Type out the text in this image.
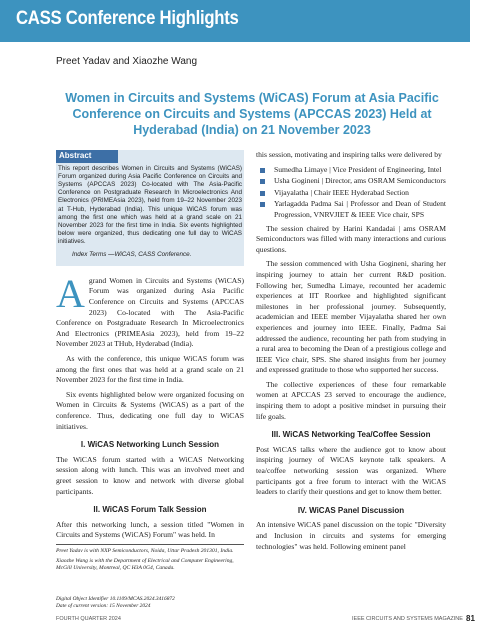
CASS Conference Highlights
Preet Yadav and Xiaozhe Wang
Women in Circuits and Systems (WiCAS) Forum at Asia Pacific Conference on Circuits and Systems (APCCAS 2023) Held at Hyderabad (India) on 21 November 2023
Abstract

This report describes Women in Circuits and Systems (WiCAS) Forum organized during Asia Pacific Conference on Circuits and Systems (APCCAS 2023) Co-located with The Asia-Pacific Conference on Postgraduate Research In Microelectronics And Electronics (PRIMEAsia 2023), held from 19–22 November 2023 at T-Hub, Hyderabad (India). This unique WiCAS forum was among the first one which was held at a grand scale on 21 November 2023 for the first time in India. Six events highlighted below were organized, thus dedicating one full day to WiCAS initiatives.

Index Terms —WiCAS, CASS Conference.

Agrand Women in Circuits and Systems (WiCAS) Forum was organized during Asia Pacific Conference on Circuits and Systems (APCCAS 2023) Co-located with The Asia-Pacific Conference on Postgraduate Research In Microelectronics And Electronics (PRIMEAsia 2023), held from 19–22 November 2023 at THub, Hyderabad (India).

As with the conference, this unique WiCAS forum was among the first ones that was held at a grand scale on 21 November 2023 for the first time in India.

Six events highlighted below were organized focusing on Women in Circuits & Systems (WiCAS) as a part of the conference. Thus, dedicating one full day to WiCAS initiatives.

I. WiCAS Networking Lunch Session

The WiCAS forum started with a WiCAS Networking session along with lunch. This was an involved meet and greet session to know and network with diverse global participants.

II. WiCAS Forum Talk Session

After this networking lunch, a session titled "Women in Circuits and Systems (WiCAS) Forum" was held. In

Preet Yadav is with NXP Semiconductors, Noida, Uttar Pradesh 201301, India.

Xiaozhe Wang is with the Department of Electrical and Computer Engineering, McGill University, Montreal, QC H3A 0G4, Canada.

Digital Object Identifier 10.1109/MCAS.2024.3416872
Date of current version: 15 November 2024

this session, motivating and inspiring talks were delivered by

Sumedha Limaye | Vice President of Engineering, Intel
Usha Gogineni | Director, ams OSRAM Semiconductors
Vijayalatha | Chair IEEE Hyderabad Section
Yarlagadda Padma Sai | Professor and Dean of Student Progression, VNRVJIET & IEEE Vice chair, SPS

The session chaired by Harini Kandadai | ams OSRAM Semiconductors was filled with many interactions and curious questions.

The session commenced with Usha Gogineni, sharing her inspiring journey to attain her current R&D position. Following her, Sumedha Limaye, recounted her academic experiences at IIT Roorkee and highlighted significant milestones in her professional journey. Subsequently, academician and IEEE member Vijayalatha shared her own experiences and journey into IEEE. Finally, Padma Sai addressed the audience, recounting her path from studying in a rural area to becoming the Dean of a prestigious college and IEEE Vice chair, SPS. She shared insights from her journey and expressed gratitude to those who supported her success.

The collective experiences of these four remarkable women at APCCAS 23 served to encourage the audience, inspiring them to adopt a positive mindset in pursuing their life goals.

III. WiCAS Networking Tea/Coffee Session

Post WiCAS talks where the audience got to know about inspiring journey of WiCAS keynote talk speakers. A tea/coffee networking session was organized. Where participants got a free forum to interact with the WiCAS leaders to clarify their questions and get to know them better.

IV. WiCAS Panel Discussion

An intensive WiCAS panel discussion on the topic "Diversity and Inclusion in circuits and systems for emerging technologies" was held. Following eminent panel

FOURTH QUARTER 2024	IEEE CIRCUITS AND SYSTEMS MAGAZINE 81
